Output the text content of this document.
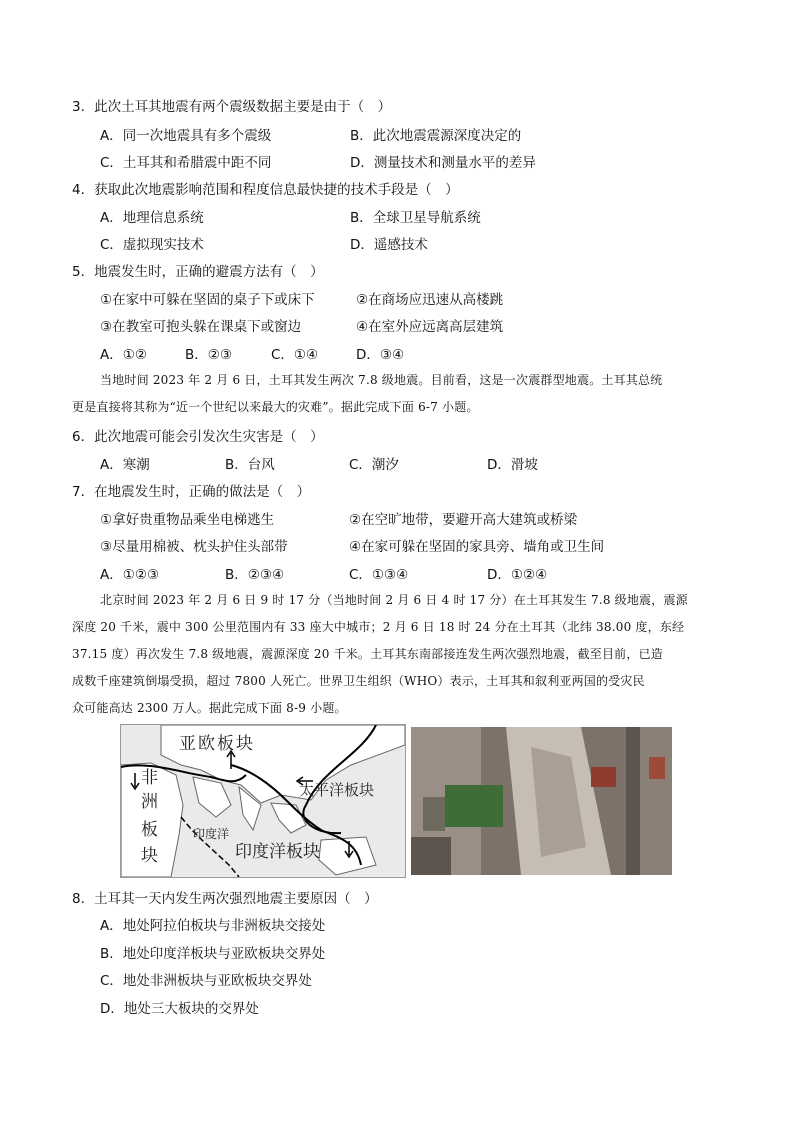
3．此次土耳其地震有两个震级数据主要是由于（　）
A．同一次地震具有多个震级	B．此次地震震源深度决定的
C．土耳其和希腊震中距不同	D．测量技术和测量水平的差异
4．获取此次地震影响范围和程度信息最快捷的技术手段是（　）
A．地理信息系统	B．全球卫星导航系统
C．虚拟现实技术	D．遥感技术
5．地震发生时，正确的避震方法有（　）
①在家中可躲在坚固的桌子下或床下	②在商场应迅速从高楼跳
③在教室可抱头躲在课桌下或窗边	④在室外应远离高层建筑
A．①②	B．②③	C．①④	D．③④
当地时间 2023 年 2 月 6 日，土耳其发生两次 7.8 级地震。目前看，这是一次震群型地震。土耳其总统
更是直接将其称为“近一个世纪以来最大的灾难”。据此完成下面 6-7 小题。
6．此次地震可能会引发次生灾害是（　）
A．寒潮	B．台风	C．潮汐	D．滑坡
7．在地震发生时，正确的做法是（　）
①拿好贵重物品乘坐电梯逃生	②在空旷地带，要避开高大建筑或桥梁
③尽量用棉被、枕头护住头部带	④在家可躲在坚固的家具旁、墙角或卫生间
A．①②③	B．②③④	C．①③④	D．①②④
北京时间 2023 年 2 月 6 日 9 时 17 分（当地时间 2 月 6 日 4 时 17 分）在土耳其发生 7.8 级地震，震源
深度 20 千米，震中 300 公里范围内有 33 座大中城市；2 月 6 日 18 时 24 分在土耳其（北纬 38.00 度，东经
37.15 度）再次发生 7.8 级地震，震源深度 20 千米。土耳其东南部接连发生两次强烈地震，截至目前，已造
成数千座建筑倒塌受损，超过 7800 人死亡。世界卫生组织（WHO）表示，土耳其和叙利亚两国的受灾民
众可能高达 2300 万人。据此完成下面 8-9 小题。
亚欧板块
太平洋板块
非
洲
板
块
印度洋
印度洋板块
8．土耳其一天内发生两次强烈地震主要原因（　）
A．地处阿拉伯板块与非洲板块交接处
B．地处印度洋板块与亚欧板块交界处
C．地处非洲板块与亚欧板块交界处
D．地处三大板块的交界处
